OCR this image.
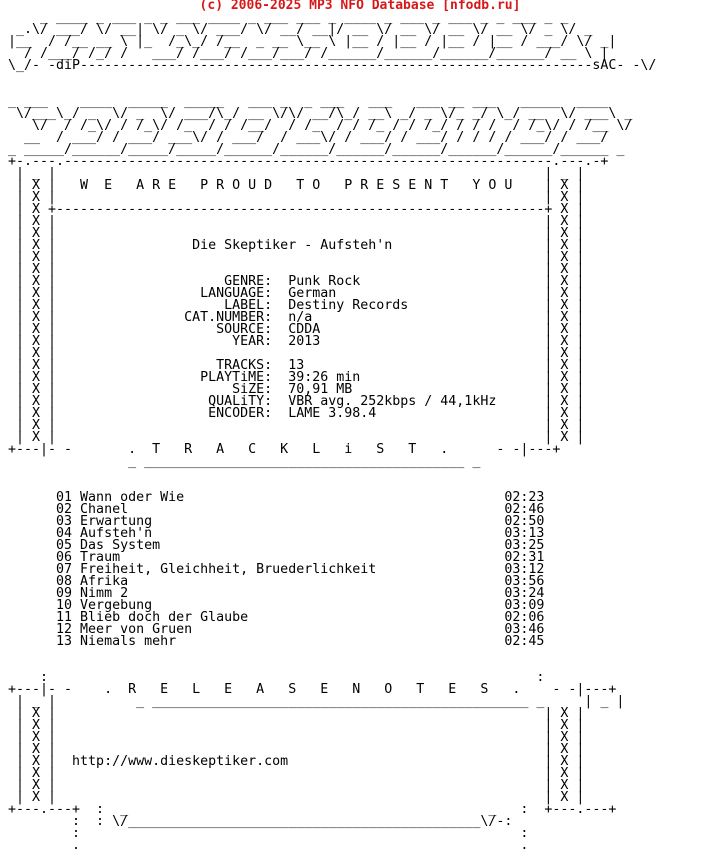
(c) 2006-2025 MP3 NFO Database [nfodb.ru]
_ ____ _ ___ _ _ ___ ____ _ ___ ___ _ ____ _ ___ _ ___ _ _ ___ _ _
_.\/ ___/ \/ __| \/ _ \/ ___/ \/ __/ __|/ __ \/ __ \/ __ \/ __ \/ _ \/ _
|__  / /__ __ \ |_  /_\_/ /__  _ __ \__ \ |__ / |__ / |__ / |__ / ___/ \/ _|
/ /___/ /_/ /   ___/ /___/ /___/___/ /______/______/______/______/ __ \ |
\_/- -diP----------------------------------------------------------------sAC- -\/

_ ___    ____  _____  _____   ___ _  _ ___   ___   ___ __ ___   _____  ____
\/___\_/ _  \/ _  \/ ___/\_/ __ \/\/ __/\_/ __\ _/ _ \/_ _/ \_/ __  \/ ___\ _
\/  / /_\/ / /_\/ /_  / / /__/  / /_  / / /_ / / /_/ / / /  / /_\/ / /__ \/
__  / ___/ / ___/ ___\/ / ___/  / ___\/ / ___/ / ___/ / / / / ___/ / ___/
_ _____/______/_____/_____/______/______/______/______/______/______/______ _
+-.---.-------------------------------------------------------------.---.-+
| _ |                                                             | _ |
| X |   W  E   A R E   P R O U D   T O   P R E S E N T   Y O U    | X |
| X |                                                             | X |
| X +-------------------------------------------------------------+ X |
| X |                                                             | X |
| X |                                                             | X |
| X |                 Die Skeptiker - Aufsteh'n                   | X |
| X |                                                             | X |
| X |                                                             | X |
| X |                     GENRE:  Punk Rock                       | X |
| X |                  LANGUAGE:  German                          | X |
| X |                     LABEL:  Destiny Records                 | X |
| X |                CAT.NUMBER:  n/a                             | X |
| X |                    SOURCE:  CDDA                            | X |
| X |                      YEAR:  2013                            | X |
| X |                                                             | X |
| X |                    TRACKS:  13                              | X |
| X |                  PLAYTiME:  39:26 min                       | X |
| X |                      SiZE:  70,91 MB                        | X |
| X |                   QUALiTY:  VBR avg. 252kbps / 44,1kHz      | X |
| X |                   ENCODER:  LAME 3.98.4                     | X |
| X |                                                             | X |
| X |                                                             | X |
+---|- -       .  T   R   A   C   K   L   i   S   T   .      - -|---+
_ ________________________________________ _

01 Wann oder Wie                                        02:23
02 Chanel                                               02:46
03 Erwartung                                            02:50
04 Aufsteh'n                                            03:13
05 Das System                                           03:25
06 Traum                                                02:31
07 Freiheit, Gleichheit, Bruederlichkeit                03:12
08 Afrika                                               03:56
09 Nimm 2                                               03:24
10 Vergebung                                            03:09
11 Blieb doch der Glaube                                02:06
12 Meer von Gruen                                       03:46
13 Niemals mehr                                         02:45

:                                                             :
+---|- -    .  R   E   L   E   A   S   E   N   O   T   E   S   .    - -|---+
| _ |          _ _______________________________________________ _     | _ |
| X |                                                             | X |
| X |                                                             | X |
| X |                                                             | X |
| X |                                                             | X |
| X |  http://www.dieskeptiker.com                                | X |
| X |                                                             | X |
| X |                                                             | X |
| X |                                                             | X |
+---.---+  :  _                                             _   :  +---.---+
:  : \/____________________________________________\/-:
:                                                       :
.                                                       .
